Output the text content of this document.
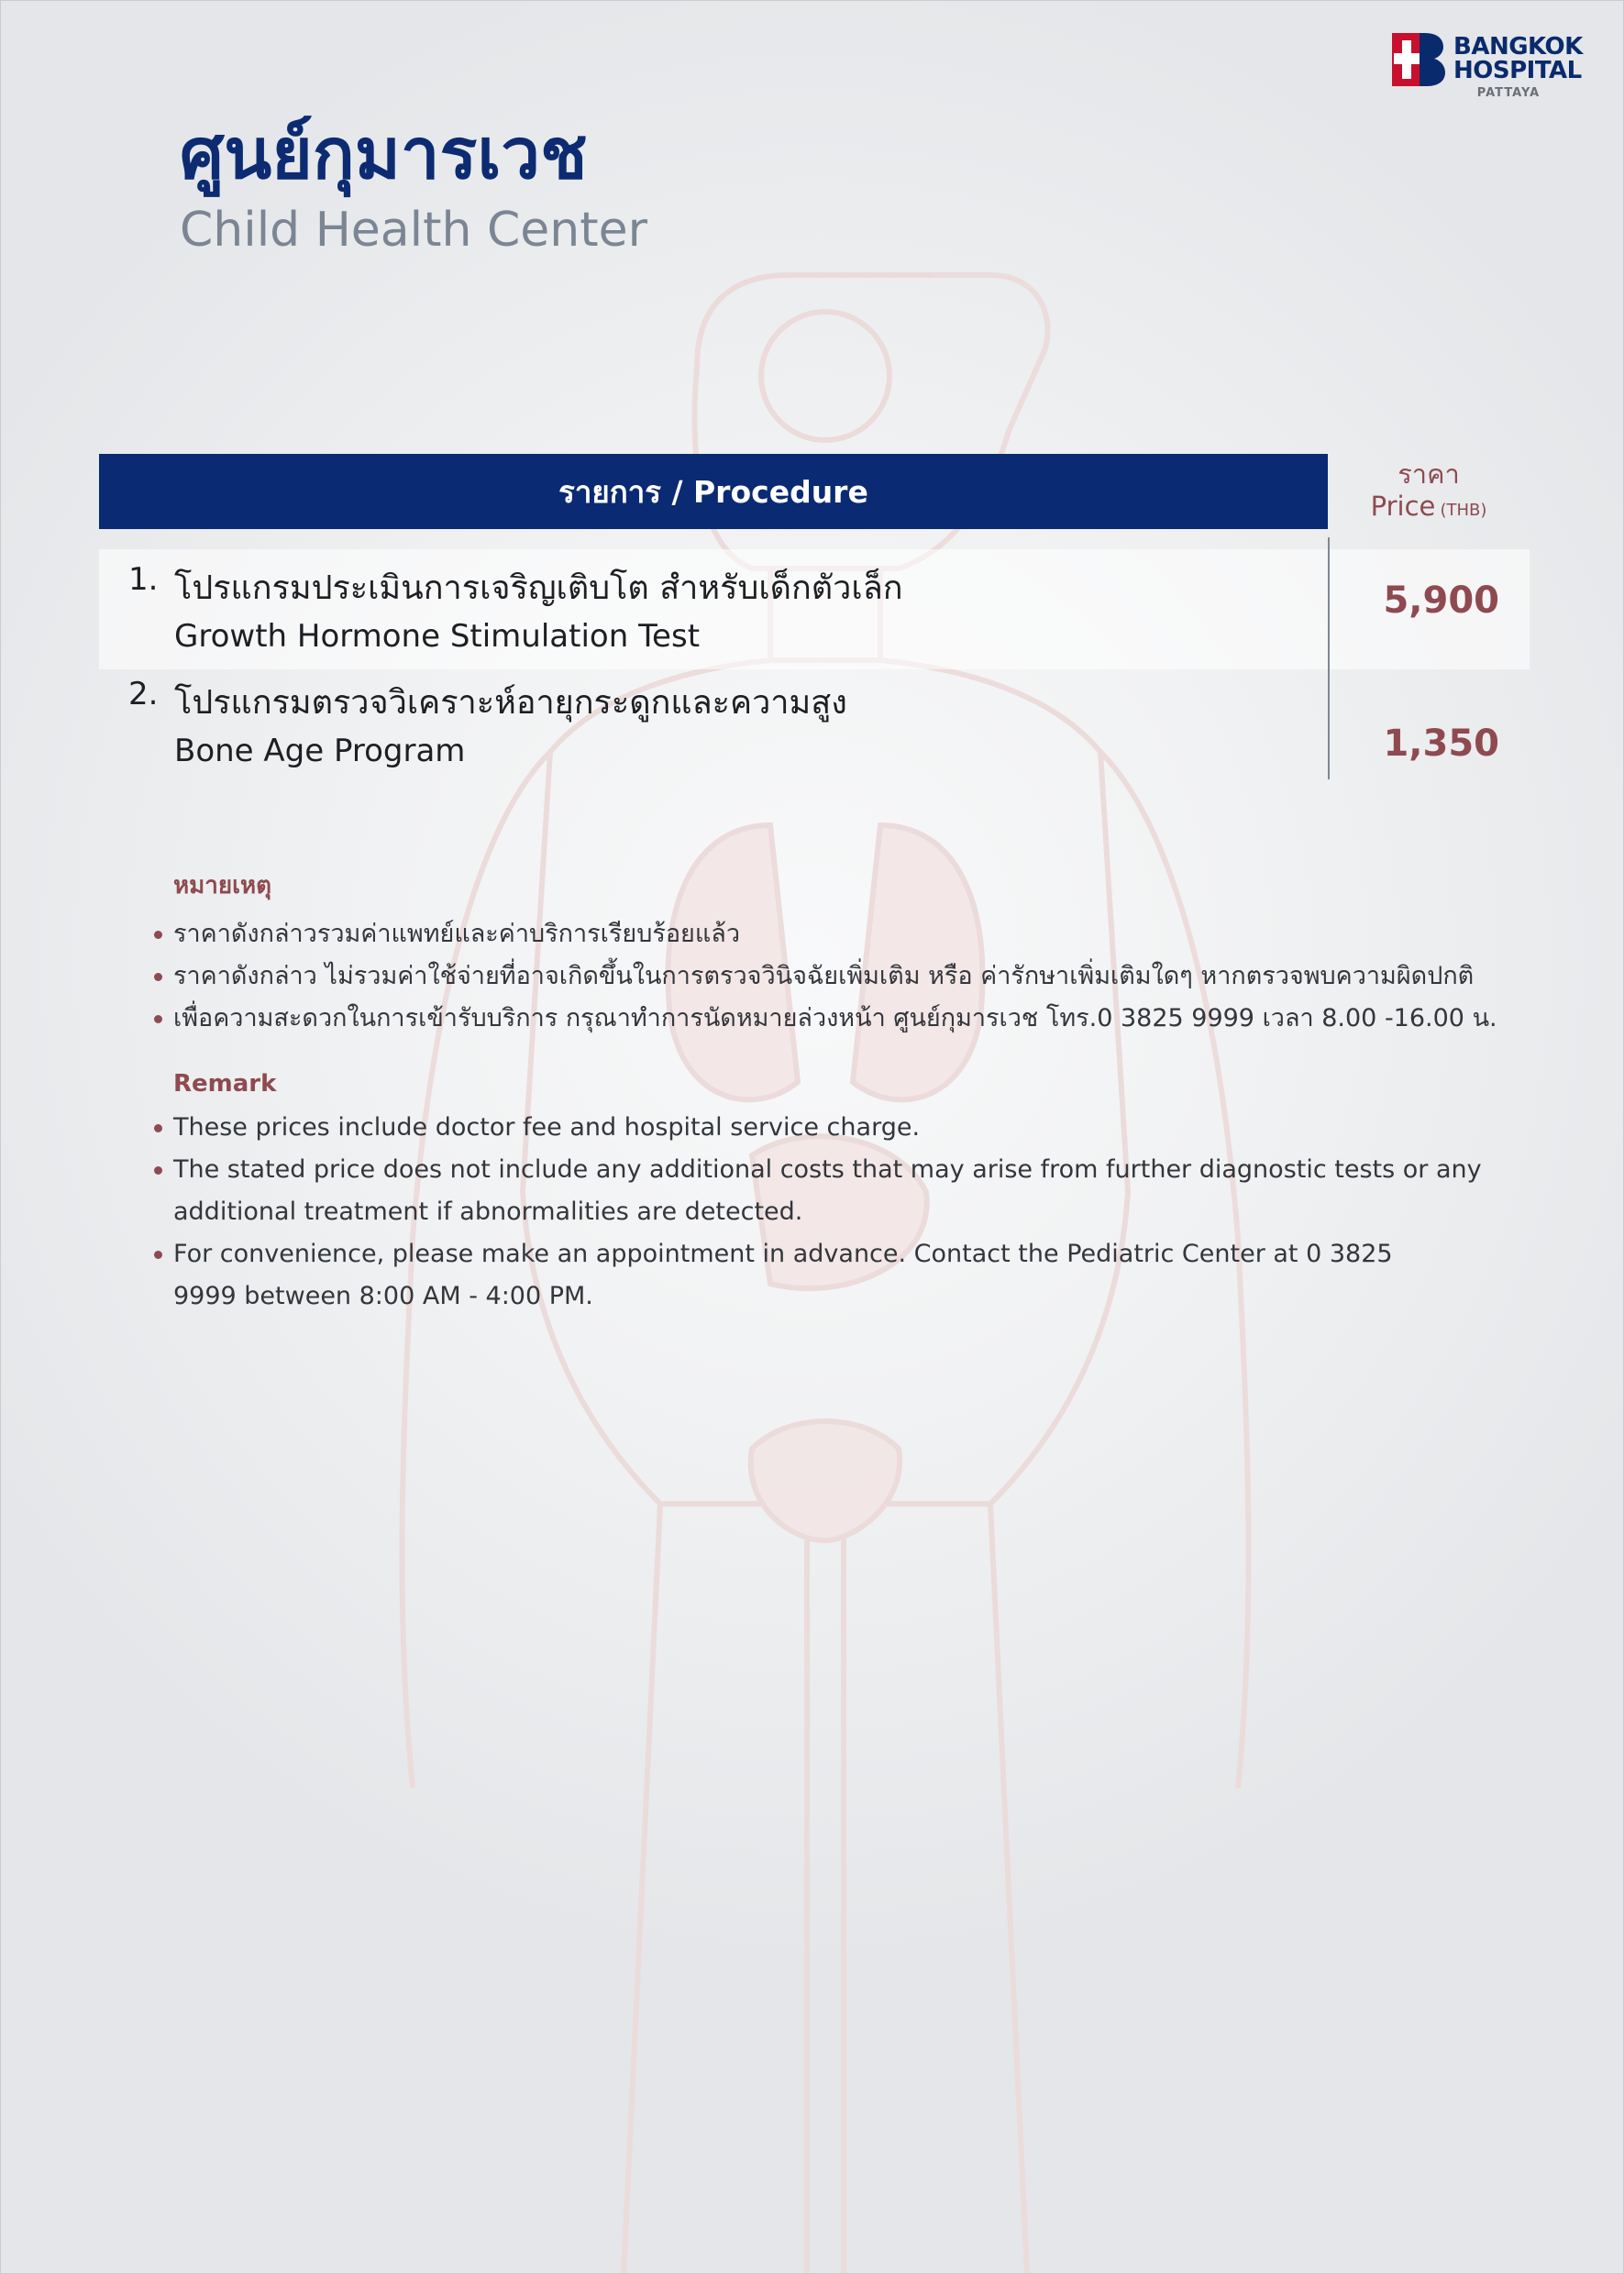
BANGKOK
HOSPITAL
PATTAYA
ศูนย์กุมารเวช
Child Health Center
รายการ / Procedure	ราคา
Price (THB)
1. โปรแกรมประเมินการเจริญเติบโต สำหรับเด็กตัวเล็ก
Growth Hormone Stimulation Test
5,900
2. โปรแกรมตรวจวิเคราะห์อายุกระดูกและความสูง
Bone Age Program	1,350
หมายเหตุ
ราคาดังกล่าวรวมค่าแพทย์และค่าบริการเรียบร้อยแล้ว
ราคาดังกล่าว ไม่รวมค่าใช้จ่ายที่อาจเกิดขึ้นในการตรวจวินิจฉัยเพิ่มเติม หรือ ค่ารักษาเพิ่มเติมใดๆ หากตรวจพบความผิดปกติ
เพื่อความสะดวกในการเข้ารับบริการ กรุณาทำการนัดหมายล่วงหน้า ศูนย์กุมารเวช โทร.0 3825 9999 เวลา 8.00 -16.00 น.
Remark
These prices include doctor fee and hospital service charge.
The stated price does not include any additional costs that may arise from further diagnostic tests or any additional treatment if abnormalities are detected.
For convenience, please make an appointment in advance. Contact the Pediatric Center at 0 3825 9999 between 8:00 AM - 4:00 PM.
